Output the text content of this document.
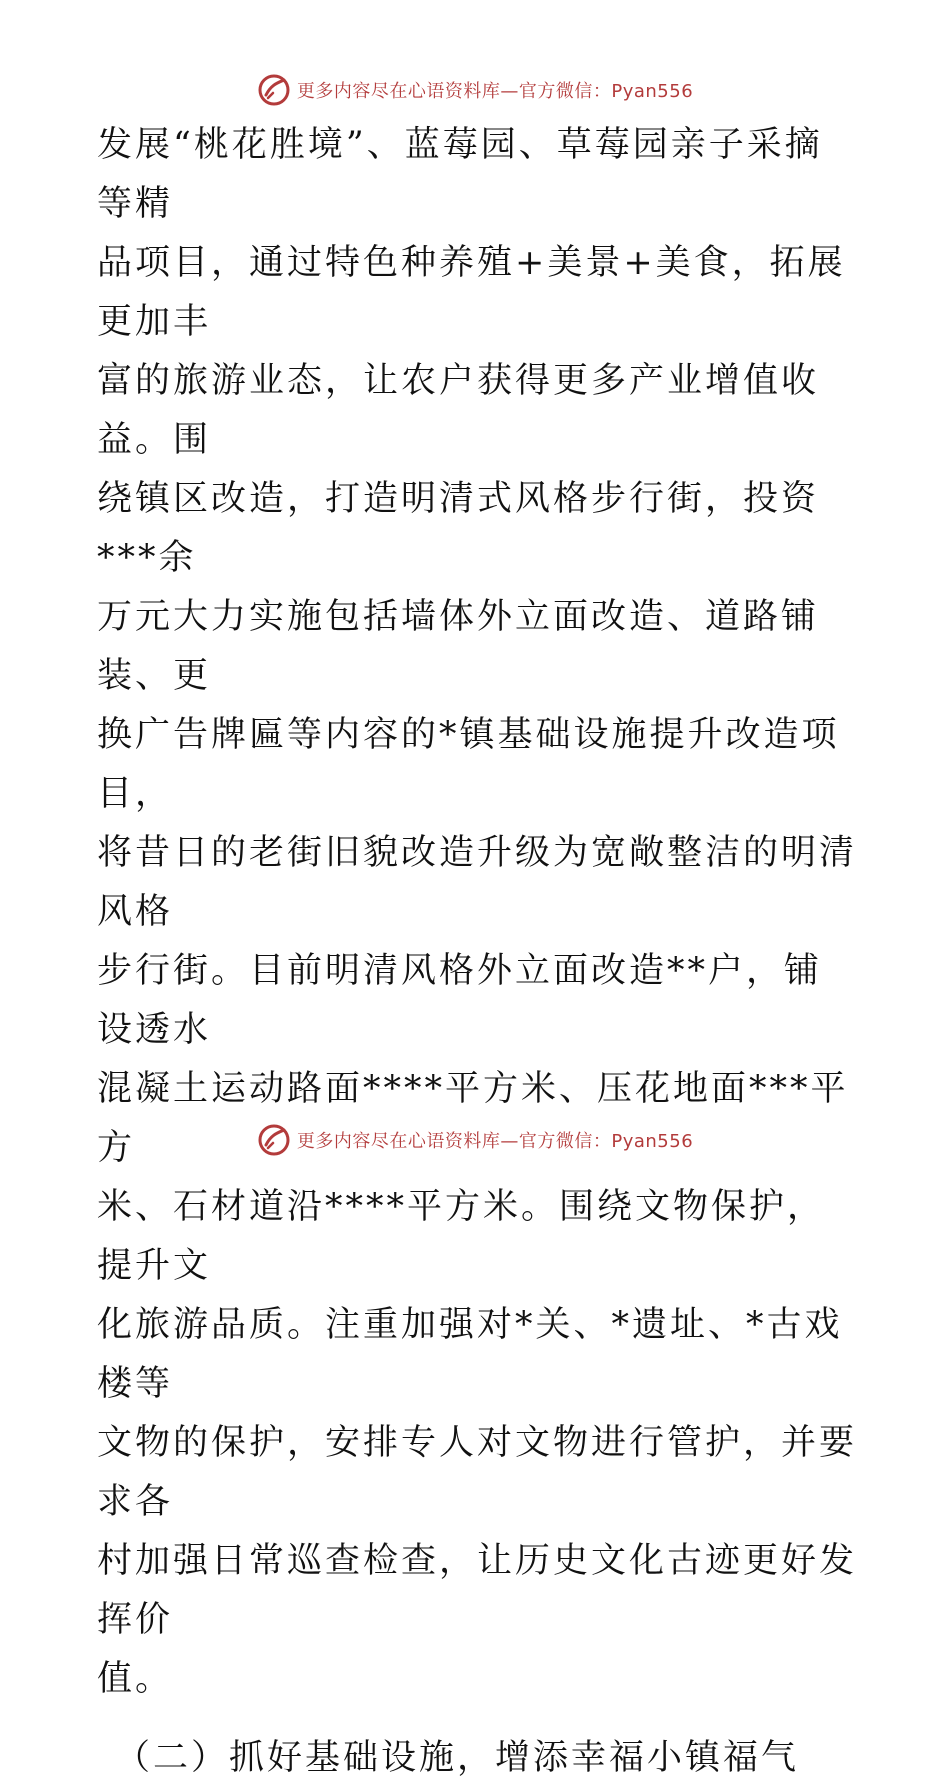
更多内容尽在心语资料库—官方微信：Pyan556

发展“桃花胜境”、蓝莓园、草莓园亲子采摘等精
品项目，通过特色种养殖+美景+美食，拓展更加丰
富的旅游业态，让农户获得更多产业增值收益。围
绕镇区改造，打造明清式风格步行街，投资***余
万元大力实施包括墙体外立面改造、道路铺装、更
换广告牌匾等内容的*镇基础设施提升改造项目，
将昔日的老街旧貌改造升级为宽敞整洁的明清风格
步行街。目前明清风格外立面改造**户，铺设透水
混凝土运动路面****平方米、压花地面***平方
米、石材道沿****平方米。围绕文物保护，提升文
化旅游品质。注重加强对*关、*遗址、*古戏楼等
文物的保护，安排专人对文物进行管护，并要求各
村加强日常巡查检查，让历史文化古迹更好发挥价
值。

（二）抓好基础设施，增添幸福小镇福气

更多内容尽在心语资料库—官方微信：Pyan556
